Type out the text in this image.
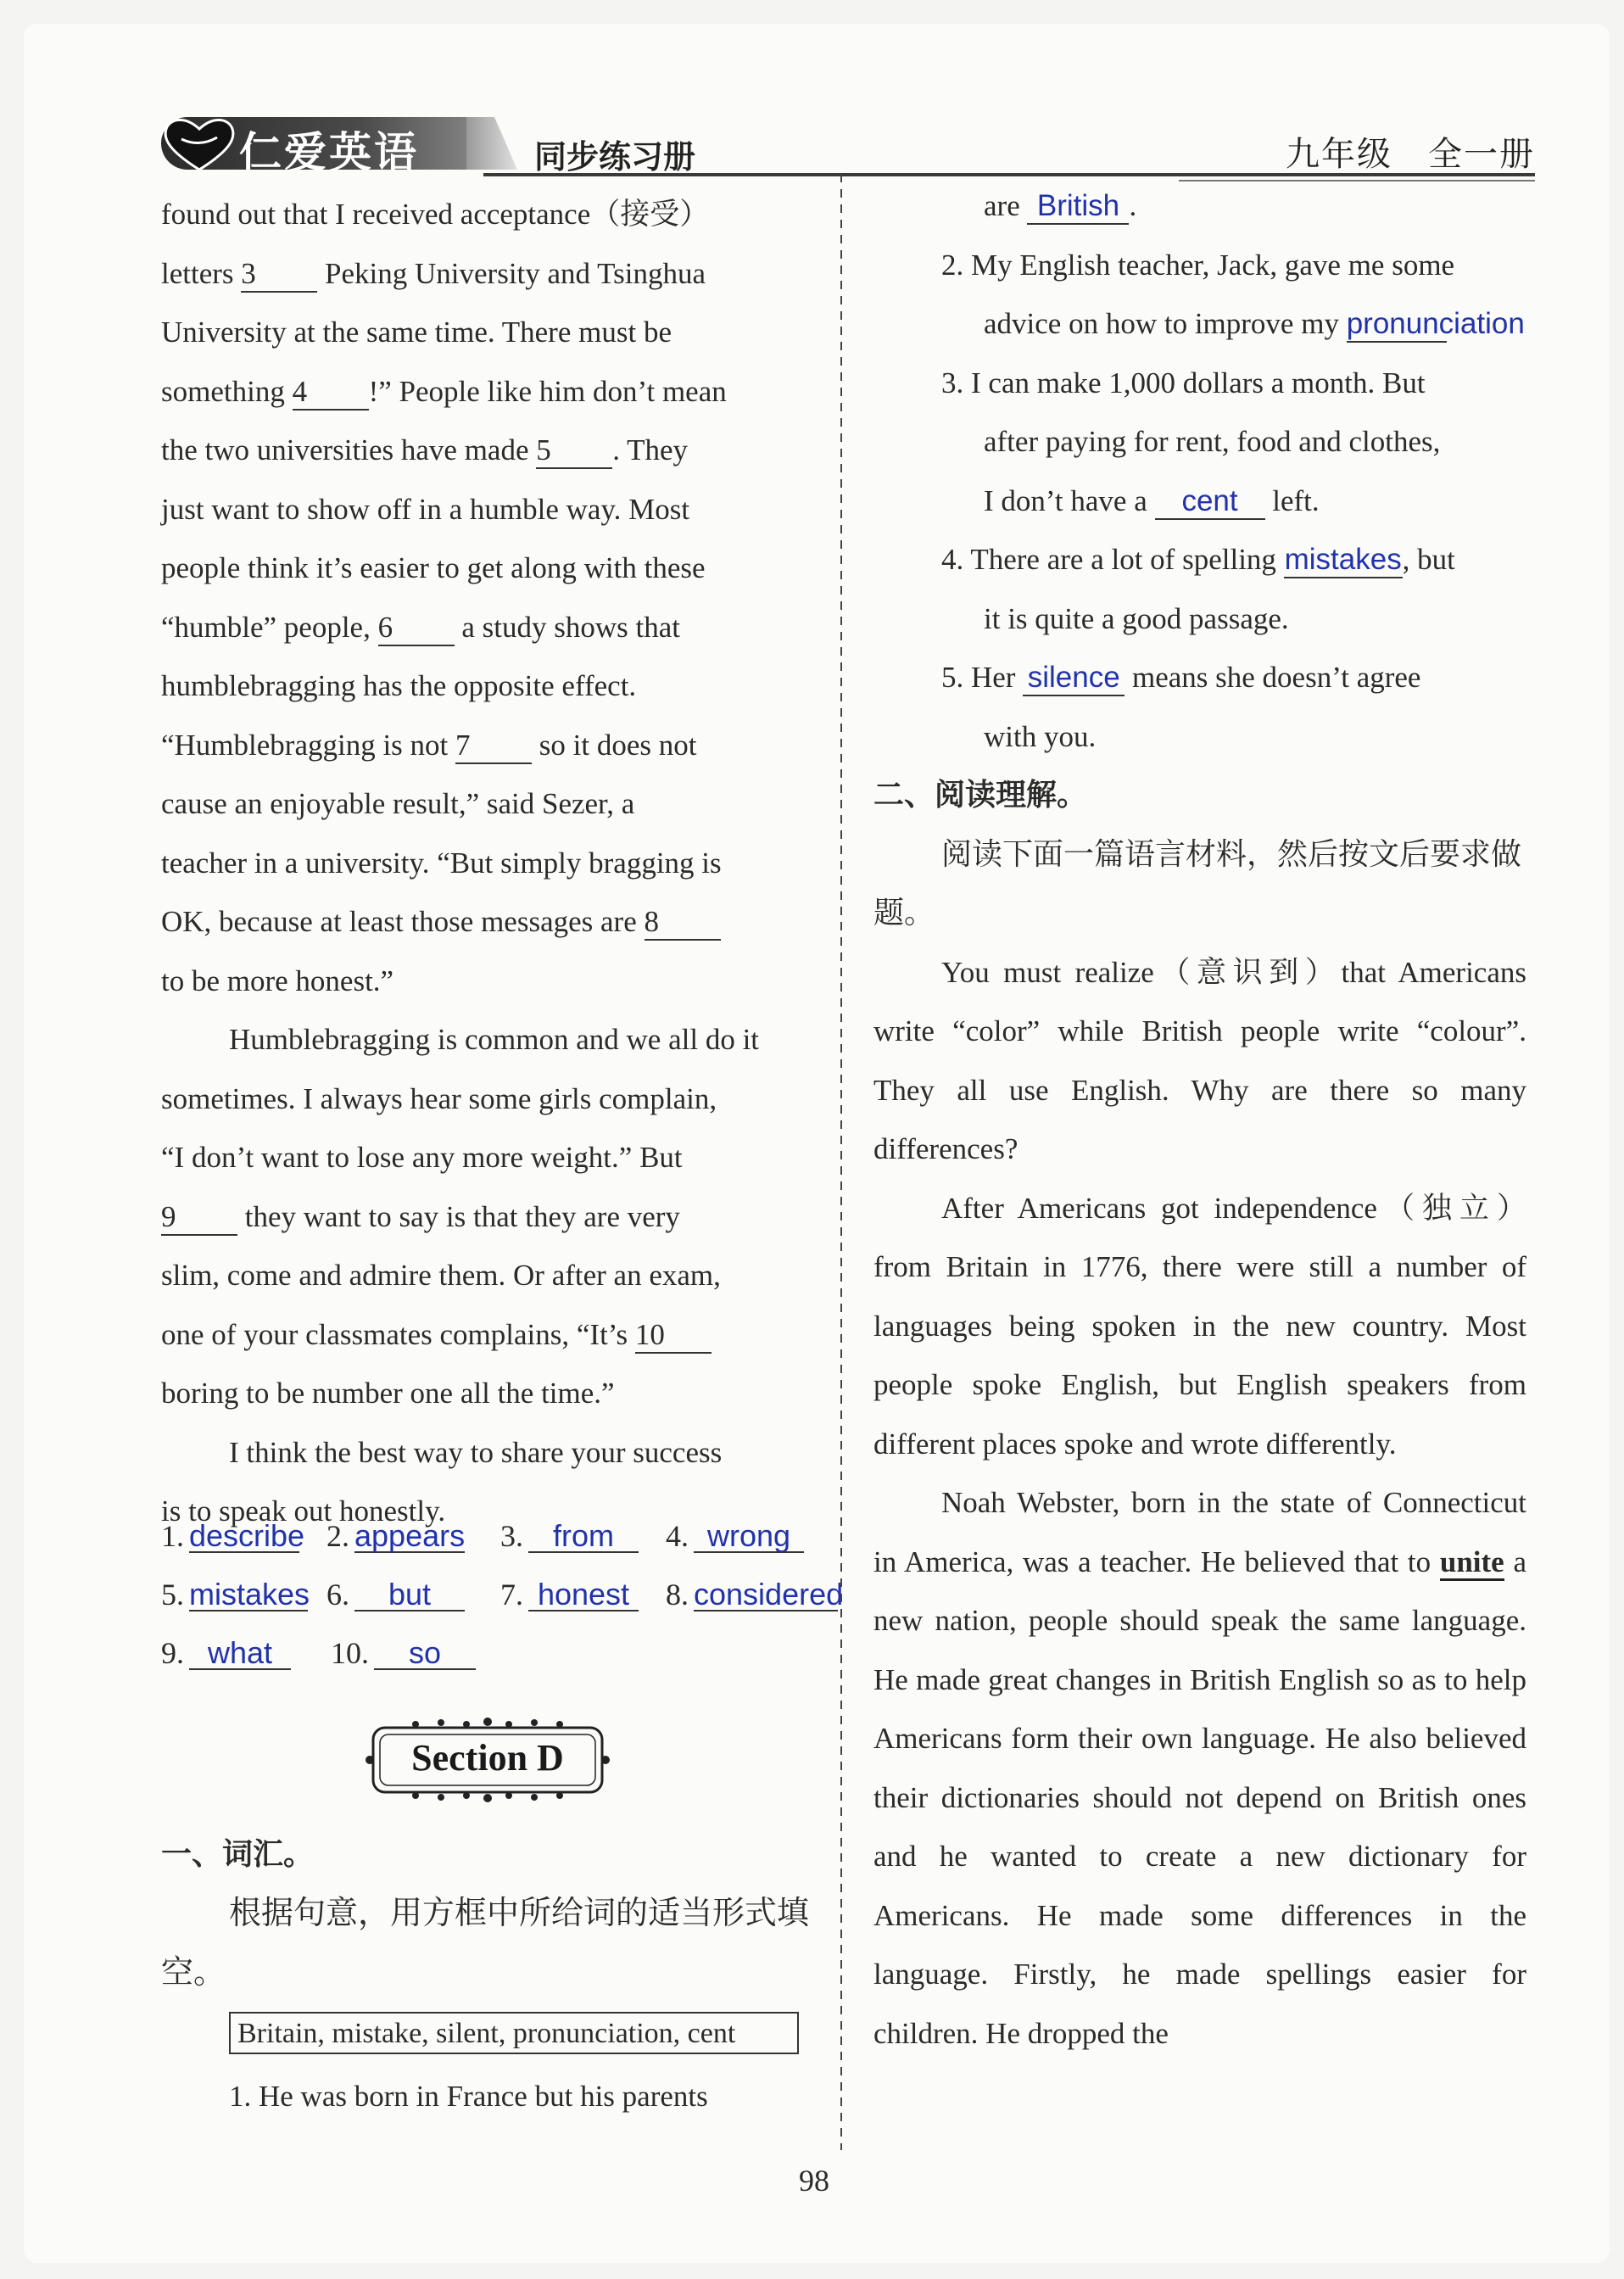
仁爱英语	同步练习册	九年级　全一册
found out that I received acceptance（接受）
letters 3 Peking University and Tsinghua
University at the same time. There must be
something 4 !” People like him don’t mean
the two universities have made 5 . They
just want to show off in a humble way. Most
people think it’s easier to get along with these
“humble” people, 6 a study shows that
humblebragging has the opposite effect.
“Humblebragging is not 7 so it does not
cause an enjoyable result,” said Sezer, a
teacher in a university. “But simply bragging is
OK, because at least those messages are 8
to be more honest.”
Humblebragging is common and we all do it
sometimes. I always hear some girls complain,
“I don’t want to lose any more weight.” But
9 they want to say is that they are very
slim, come and admire them. Or after an exam,
one of your classmates complains, “It’s 10
boring to be number one all the time.”
I think the best way to share your success
is to speak out honestly.
1. describe 2. appears 3. from	4. wrong
5. mistakes 6. but	7. honest	8. considered
9. what	10. so
Section D
一、词汇。
根据句意，用方框中所给词的适当形式填空。
Britain, mistake, silent, pronunciation, cent
1. He was born in France but his parents
are British .
2. My English teacher, Jack, gave me some
advice on how to improve my pronunciation
3. I can make 1,000 dollars a month. But
after paying for rent, food and clothes,
I don’t have a cent left.
4. There are a lot of spelling mistakes, but
it is quite a good passage.
5. Her silence means she doesn’t agree
with you.
二、阅读理解。
阅读下面一篇语言材料，然后按文后要求做题。

You must realize（意识到）that Americans write “color” while British people write “colour”. They all use English. Why are there so many differences?

After Americans got independence（独立）from Britain in 1776, there were still a number of languages being spoken in the new country. Most people spoke English, but English speakers from different places spoke and wrote differently.

Noah Webster, born in the state of Connecticut in America, was a teacher. He believed that to unite a new nation, people should speak the same language. He made great changes in British English so as to help Americans form their own language. He also believed their dictionaries should not depend on British ones and he wanted to create a new dictionary for Americans. He made some differences in the language. Firstly, he made spellings easier for children. He dropped the

98
